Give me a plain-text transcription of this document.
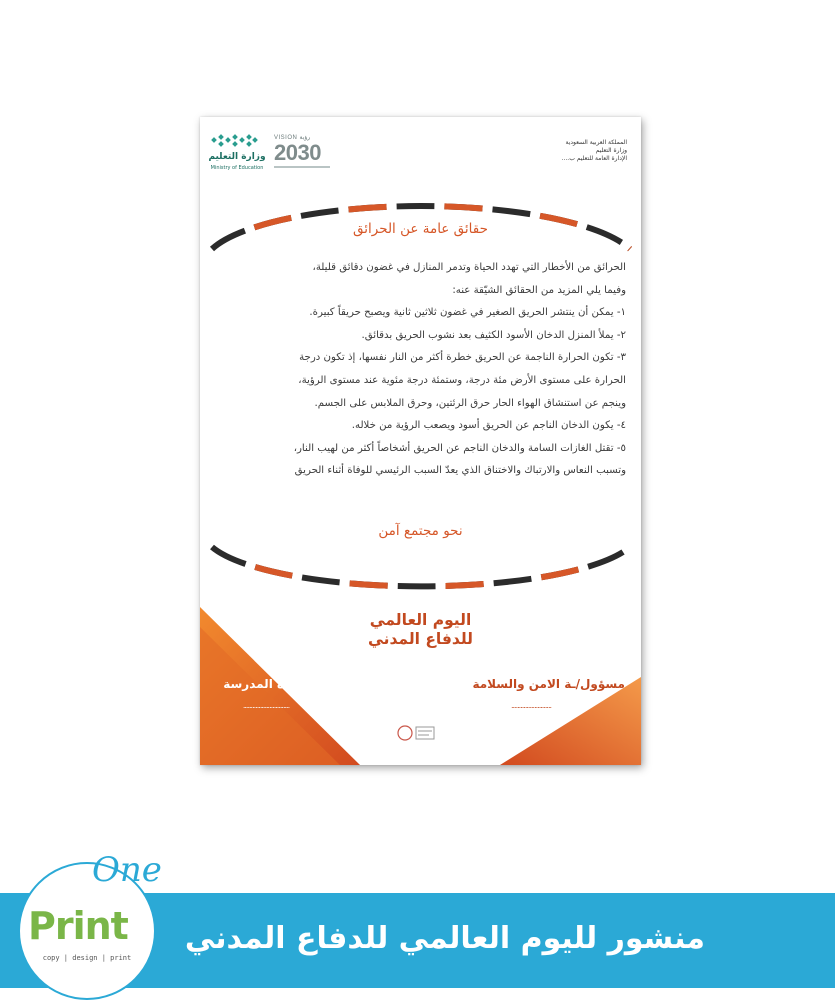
المملكة العربية السعودية
وزارة التعليم
الإدارة العامة للتعليم ب....
VISION رؤية
2030
وزارة التعليم
Ministry of Education
حقائق عامة عن الحرائق
الحرائق من الأخطار التي تهدد الحياة وتدمر المنازل في غضون دقائق قليلة،
وفيما يلي المزيد من الحقائق الشيّقة عنه:
١- يمكن أن ينتشر الحريق الصغير في غضون ثلاثين ثانية ويصبح حريقاً كبيرة.
٢- يملأ المنزل الدخان الأسود الكثيف بعد نشوب الحريق بدقائق.
٣- تكون الحرارة الناجمة عن الحريق خطرة أكثر من النار نفسها، إذ تكون درجة
الحرارة على مستوى الأرض مئة درجة، وستمئة درجة مئوية عند مستوى الرؤية،
وينجم عن استنشاق الهواء الحار حرق الرئتين، وحرق الملابس على الجسم.
٤- يكون الدخان الناجم عن الحريق أسود ويصعب الرؤية من خلاله.
٥- تقتل الغازات السامة والدخان الناجم عن الحريق أشخاصاً أكثر من لهيب النار،
وتسبب النعاس والارتباك والاختناق الذي يعدّ السبب الرئيسي للوفاة أثناء الحريق
نحو مجتمع آمن
اليوم العالمي
للدفاع المدني
مدير/ة المدرسة
..............................
مسؤول/ـة الامن والسلامة
..........................
منشور لليوم العالمي للدفاع المدني
One
Print
copy | design | print
